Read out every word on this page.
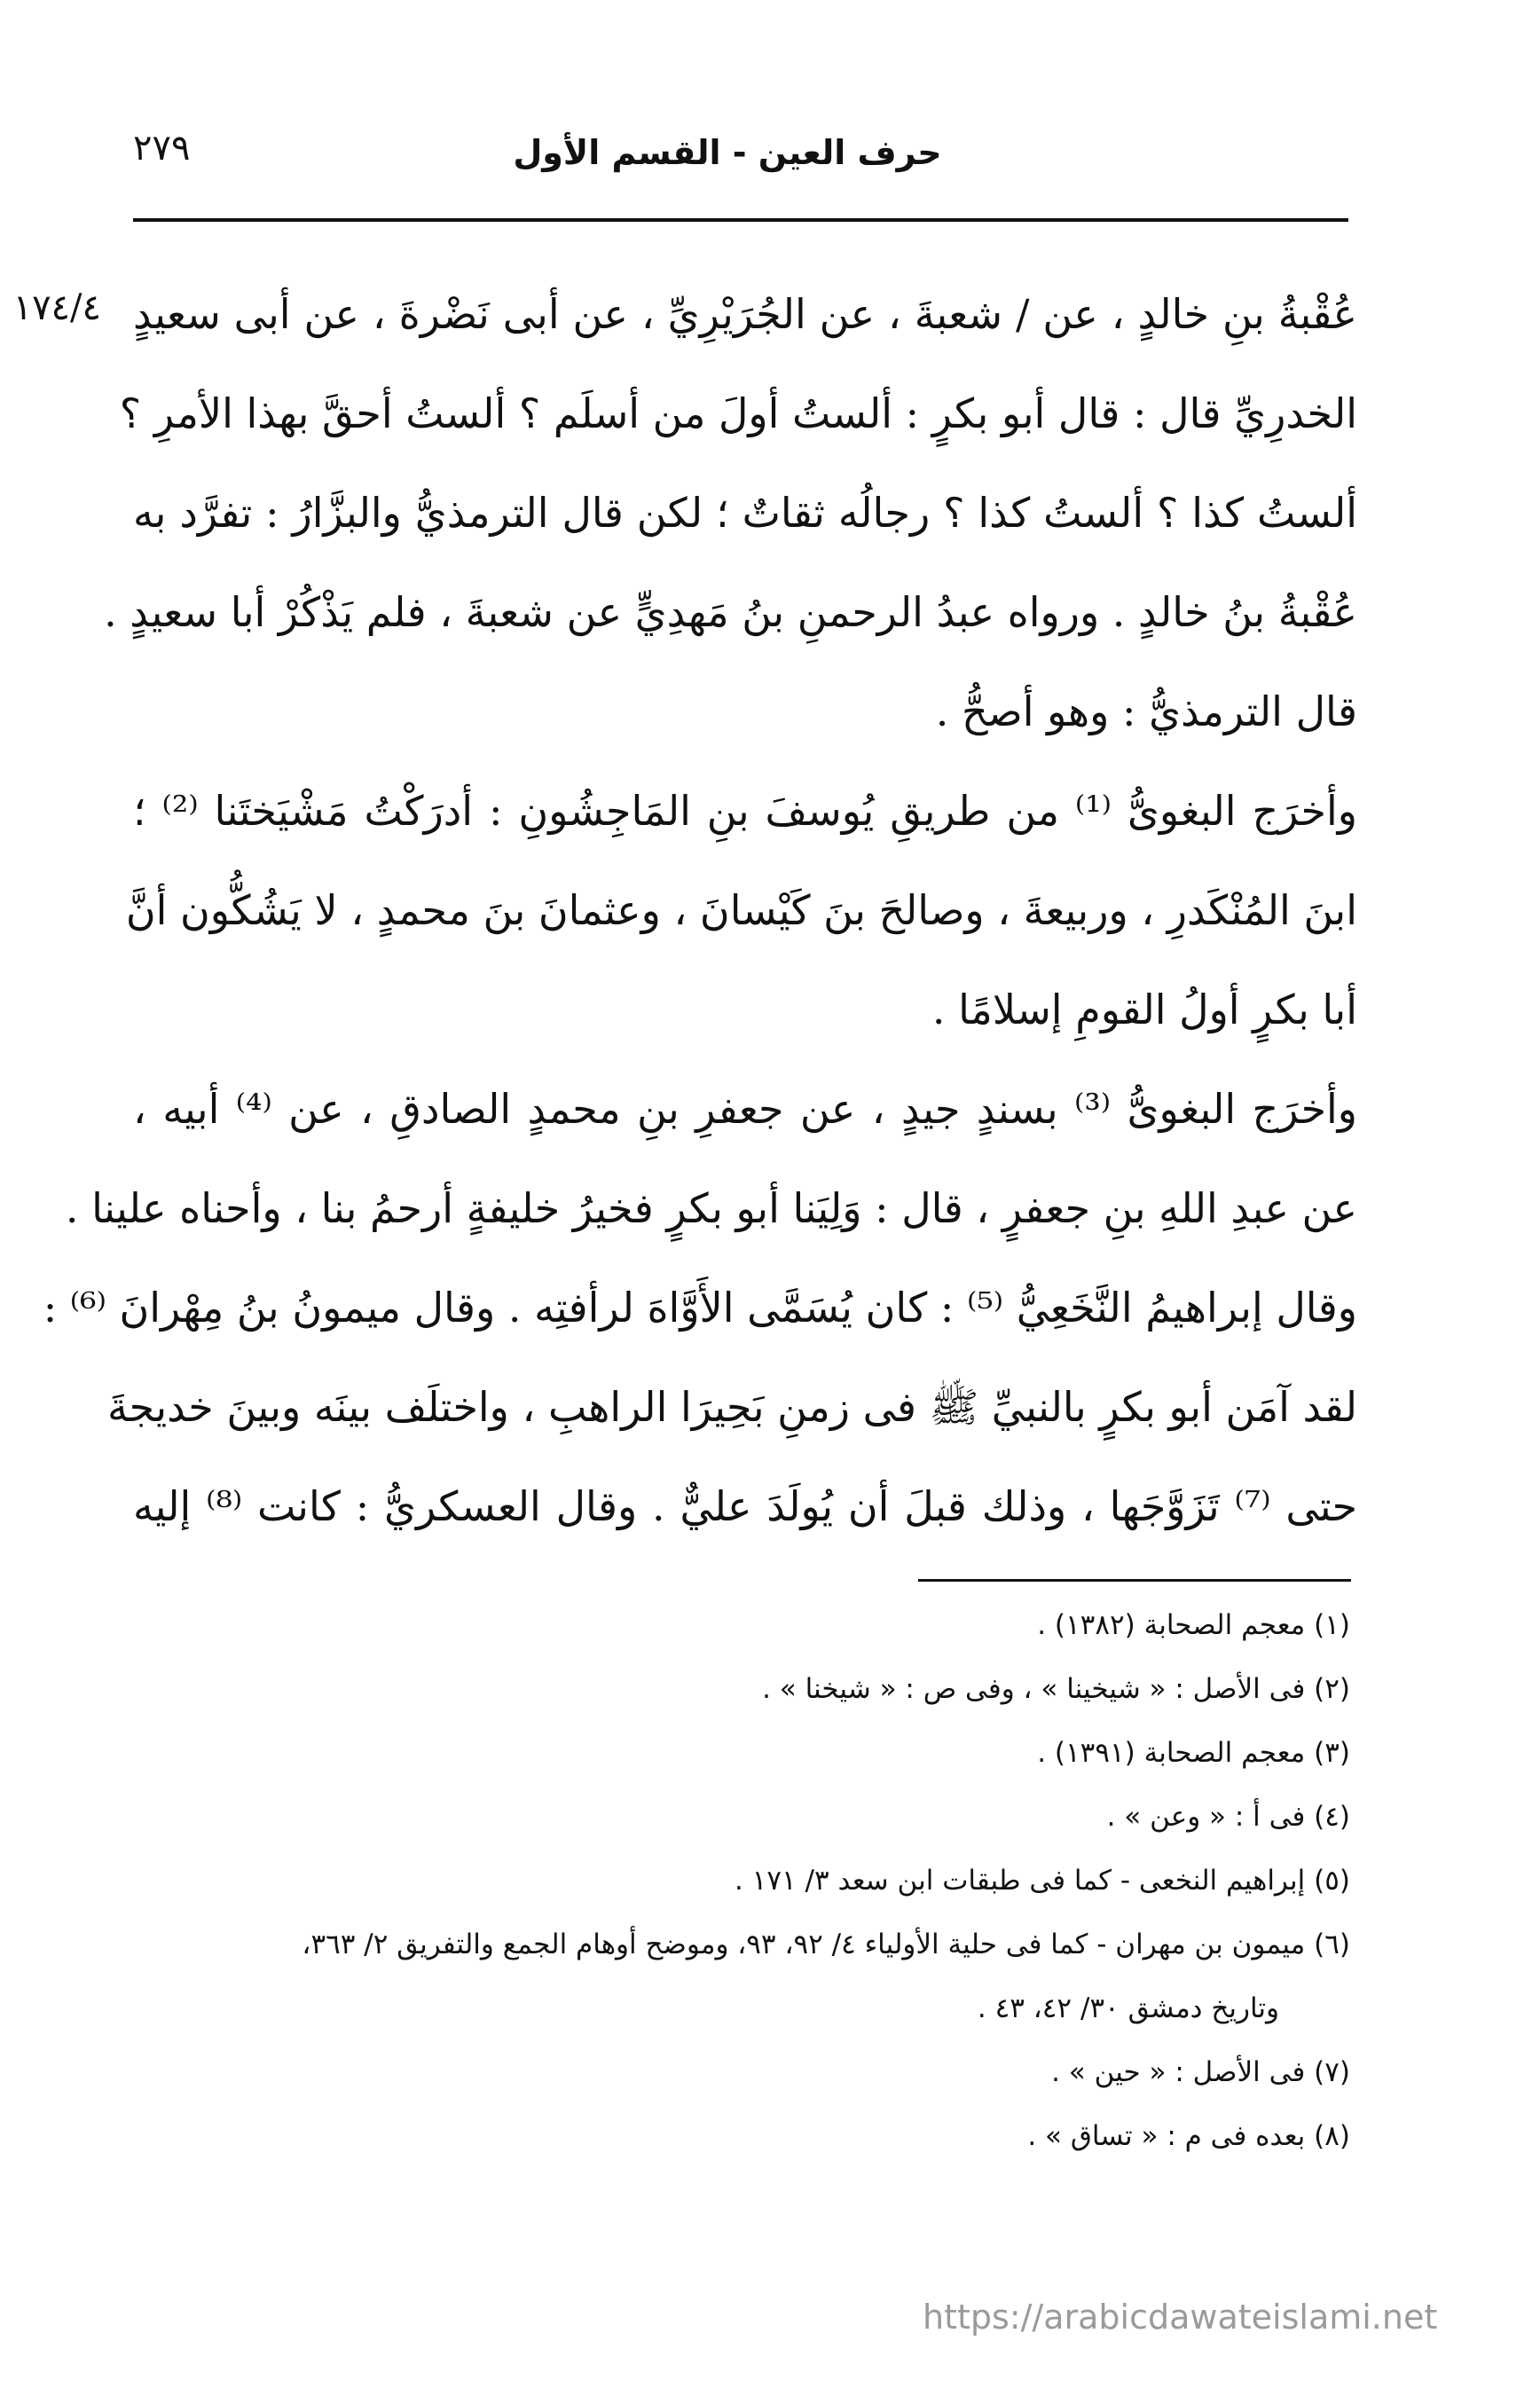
حرف العين - القسم الأول
٢٧٩
١٧٤/٤ عُقْبةُ بنِ خالدٍ ، عن / شعبةَ ، عن الجُرَيْرِيِّ ، عن أبى نَضْرةَ ، عن أبى سعيدٍ
الخدرِيِّ قال : قال أبو بكرٍ : ألستُ أولَ من أسلَم ؟ ألستُ أحقَّ بهذا الأمرِ ؟
ألستُ كذا ؟ ألستُ كذا ؟ رجالُه ثقاتٌ ؛ لكن قال الترمذيُّ والبزَّارُ : تفرَّد به
عُقْبةُ بنُ خالدٍ . ورواه عبدُ الرحمنِ بنُ مَهدِيٍّ عن شعبةَ ، فلم يَذْكُرْ أبا سعيدٍ .
قال الترمذيُّ : وهو أصحُّ .
وأخرَج البغوىُّ ⁽¹⁾ من طريقِ يُوسفَ بنِ المَاجِشُونِ : أدرَكْتُ مَشْيَختَنا ⁽²⁾ ؛
ابنَ المُنْكَدرِ ، وربيعةَ ، وصالحَ بنَ كَيْسانَ ، وعثمانَ بنَ محمدٍ ، لا يَشُكُّون أنَّ
أبا بكرٍ أولُ القومِ إسلامًا .
وأخرَج البغوىُّ ⁽³⁾ بسندٍ جيدٍ ، عن جعفرِ بنِ محمدٍ الصادقِ ، عن ⁽⁴⁾ أبيه ،
عن عبدِ اللهِ بنِ جعفرٍ ، قال : وَلِيَنا أبو بكرٍ فخيرُ خليفةٍ أرحمُ بنا ، وأحناه علينا .
وقال إبراهيمُ النَّخَعِيُّ ⁽⁵⁾ : كان يُسَمَّى الأَوَّاهَ لرأفتِه . وقال ميمونُ بنُ مِهْرانَ ⁽⁶⁾ :
لقد آمَن أبو بكرٍ بالنبيِّ ﷺ فى زمنِ بَحِيرَا الراهبِ ، واختلَف بينَه وبينَ خديجةَ
حتى ⁽⁷⁾ تَزَوَّجَها ، وذلك قبلَ أن يُولَدَ عليٌّ . وقال العسكريُّ : كانت ⁽⁸⁾ إليه
(١) معجم الصحابة (١٣٨٢) .
(٢) فى الأصل : « شيخينا » ، وفى ص : « شيخنا » .
(٣) معجم الصحابة (١٣٩١) .
(٤) فى أ : « وعن » .
(٥) إبراهيم النخعى - كما فى طبقات ابن سعد ٣/ ١٧١ .
(٦) ميمون بن مهران - كما فى حلية الأولياء ٤/ ٩٢، ٩٣، وموضح أوهام الجمع والتفريق ٢/ ٣٦٣،
وتاريخ دمشق ٣٠/ ٤٢، ٤٣ .
(٧) فى الأصل : « حين » .
(٨) بعده فى م : « تساق » .
https://arabicdawateislami.net
